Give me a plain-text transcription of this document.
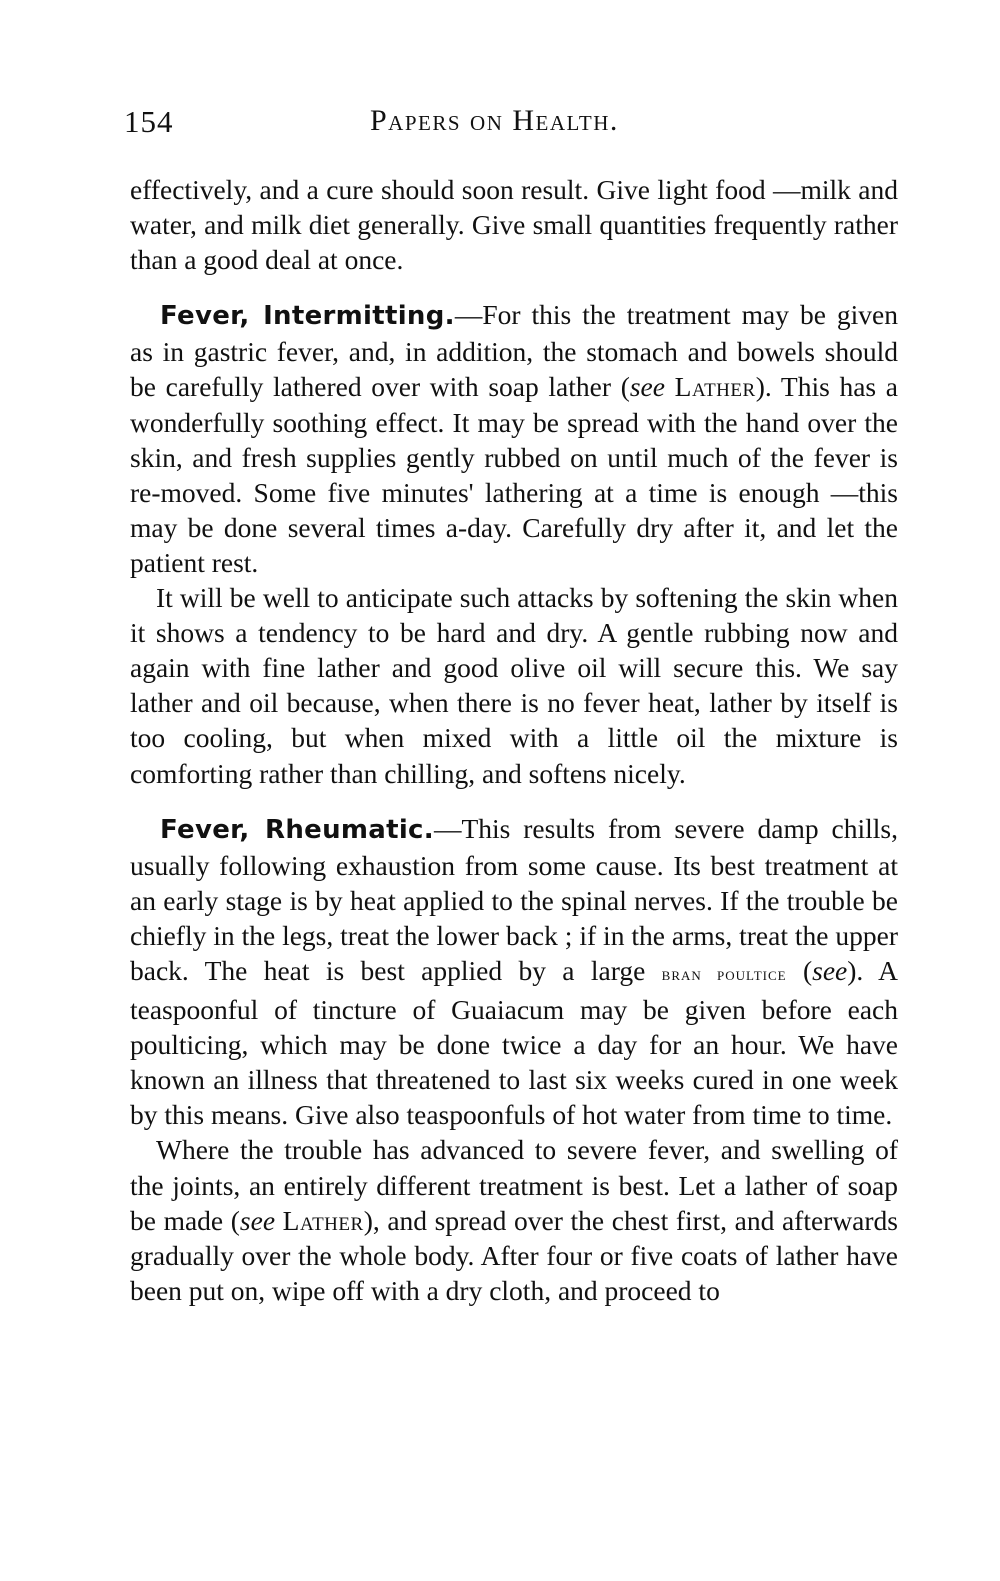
154	Papers on Health.

effectively, and a cure should soon result. Give light food —milk and water, and milk diet generally. Give small quantities frequently rather than a good deal at once.

Fever, Intermitting.—For this the treatment may be given as in gastric fever, and, in addition, the stomach and bowels should be carefully lathered over with soap lather (see Lather). This has a wonderfully soothing effect. It may be spread with the hand over the skin, and fresh supplies gently rubbed on until much of the fever is re-moved. Some five minutes' lathering at a time is enough —this may be done several times a-day. Carefully dry after it, and let the patient rest.

It will be well to anticipate such attacks by softening the skin when it shows a tendency to be hard and dry. A gentle rubbing now and again with fine lather and good olive oil will secure this. We say lather and oil because, when there is no fever heat, lather by itself is too cooling, but when mixed with a little oil the mixture is comforting rather than chilling, and softens nicely.

Fever, Rheumatic.—This results from severe damp chills, usually following exhaustion from some cause. Its best treatment at an early stage is by heat applied to the spinal nerves. If the trouble be chiefly in the legs, treat the lower back ; if in the arms, treat the upper back. The heat is best applied by a large bran poultice (see). A teaspoonful of tincture of Guaiacum may be given before each poulticing, which may be done twice a day for an hour. We have known an illness that threatened to last six weeks cured in one week by this means. Give also teaspoonfuls of hot water from time to time.

Where the trouble has advanced to severe fever, and swelling of the joints, an entirely different treatment is best. Let a lather of soap be made (see Lather), and spread over the chest first, and afterwards gradually over the whole body. After four or five coats of lather have been put on, wipe off with a dry cloth, and proceed to
